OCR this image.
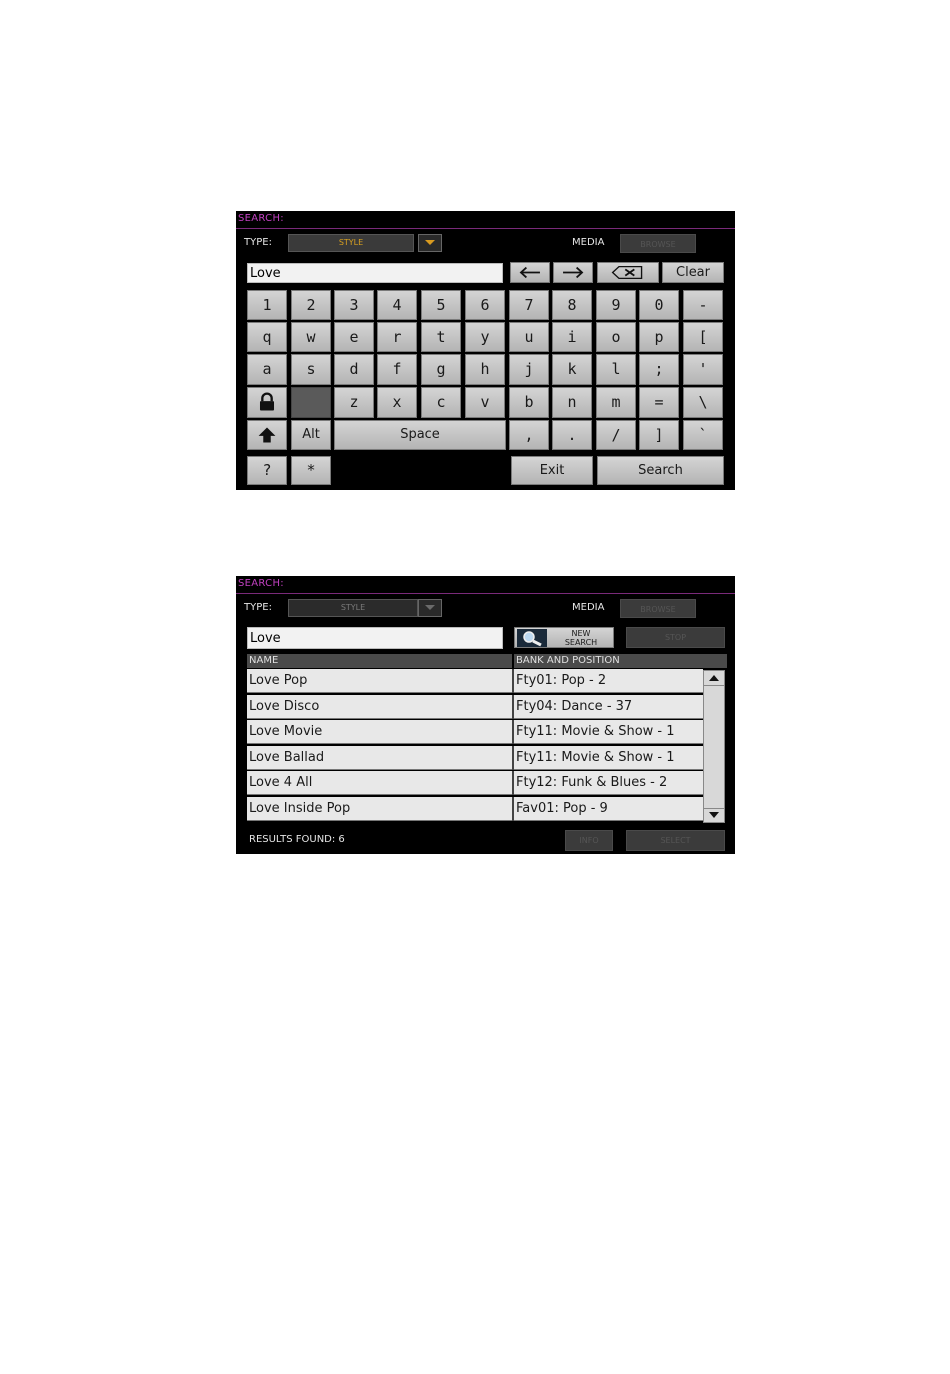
SEARCH:
TYPE:	STYLE	MEDIA	BROWSE
Love	Clear
?	*	Exit	Search
1	2	3	4	5	6	7	8	9	0	-
q	w	e	r	t	y	u	i	o	p	[
a	s	d	f	g	h	j	k	l	;	'
z	x	c	v	b	n	m	=	\
Alt	Space	,	.	/	]	`
SEARCH:
TYPE:	STYLE	MEDIA	BROWSE
Love	NEW
SEARCH
STOP
NAME	BANK AND POSITION
Love Pop	Fty01: Pop - 2
Love Disco	Fty04: Dance - 37
Love Movie	Fty11: Movie & Show - 1
Love Ballad	Fty11: Movie & Show - 1
Love 4 All	Fty12: Funk & Blues - 2
Love Inside Pop	Fav01: Pop - 9
RESULTS FOUND: 6	INFO	SELECT
